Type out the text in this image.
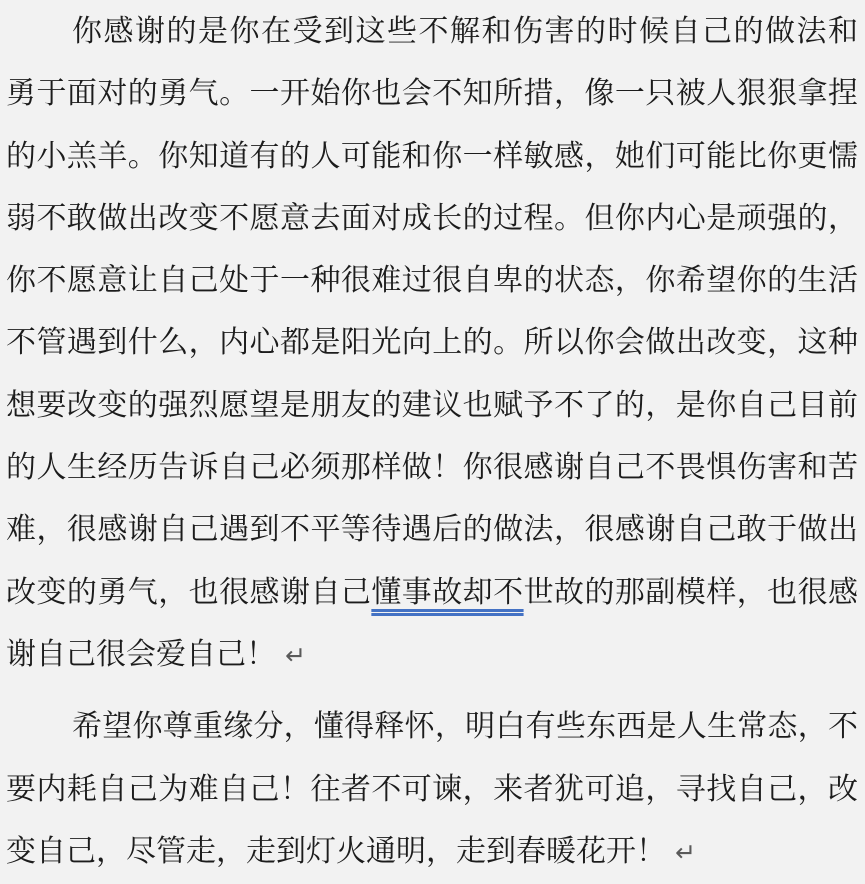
你感谢的是你在受到这些不解和伤害的时候自己的做法和
勇于面对的勇气。一开始你也会不知所措，像一只被人狠狠拿捏
的小羔羊。你知道有的人可能和你一样敏感，她们可能比你更懦
弱不敢做出改变不愿意去面对成长的过程。但你内心是顽强的，
你不愿意让自己处于一种很难过很自卑的状态，你希望你的生活
不管遇到什么，内心都是阳光向上的。所以你会做出改变，这种
想要改变的强烈愿望是朋友的建议也赋予不了的，是你自己目前
的人生经历告诉自己必须那样做！你很感谢自己不畏惧伤害和苦
难，很感谢自己遇到不平等待遇后的做法，很感谢自己敢于做出
改变的勇气，也很感谢自己懂事故却不世故的那副模样，也很感
谢自己很会爱自己！ ↵
希望你尊重缘分，懂得释怀，明白有些东西是人生常态，不
要内耗自己为难自己！往者不可谏，来者犹可追，寻找自己，改
变自己，尽管走，走到灯火通明，走到春暖花开！ ↵
